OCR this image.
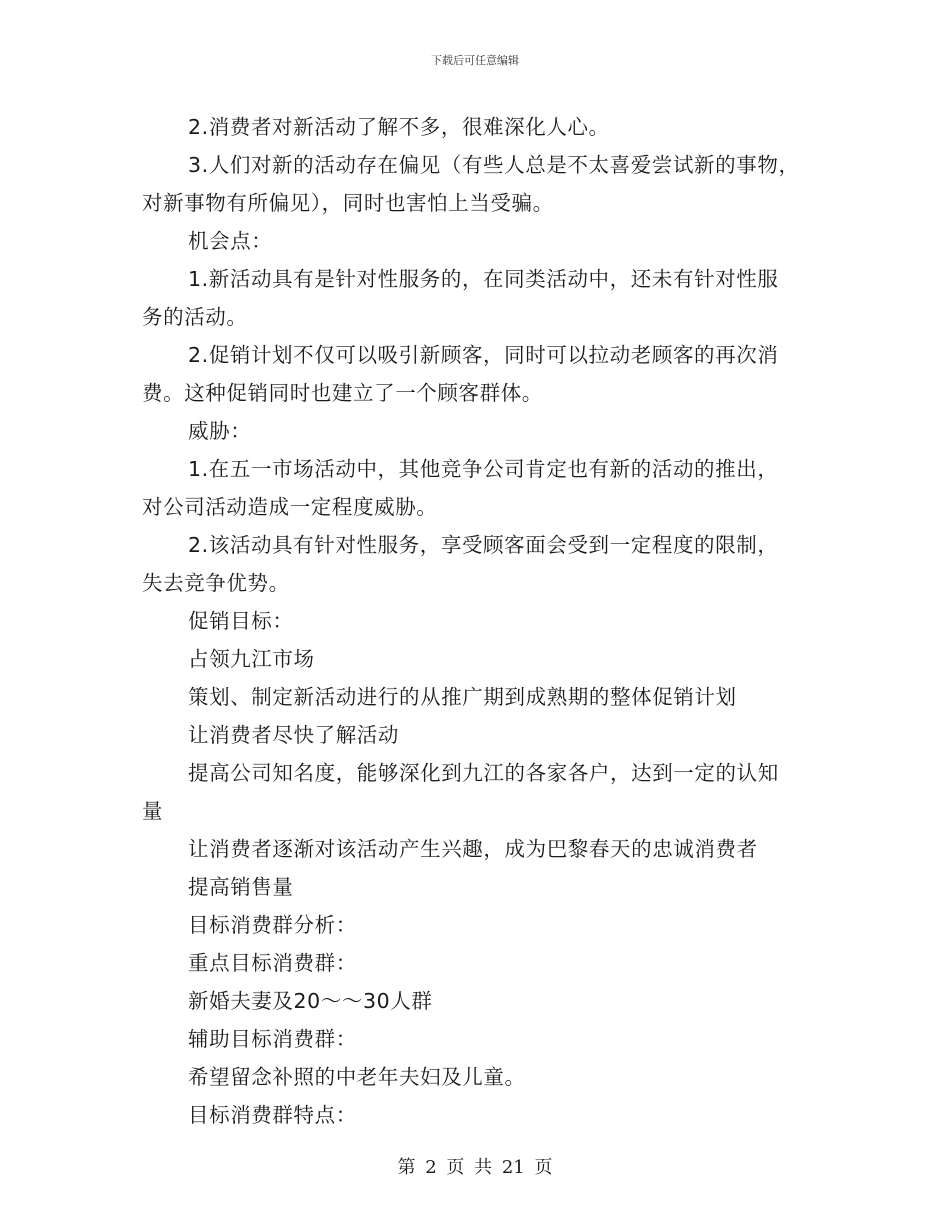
下载后可任意编辑
2.消费者对新活动了解不多，很难深化人心。
3.人们对新的活动存在偏见（有些人总是不太喜爱尝试新的事物，
对新事物有所偏见），同时也害怕上当受骗。
机会点：
1.新活动具有是针对性服务的，在同类活动中，还未有针对性服
务的活动。
2.促销计划不仅可以吸引新顾客，同时可以拉动老顾客的再次消
费。这种促销同时也建立了一个顾客群体。
威胁：
1.在五一市场活动中，其他竞争公司肯定也有新的活动的推出，
对公司活动造成一定程度威胁。
2.该活动具有针对性服务，享受顾客面会受到一定程度的限制，
失去竞争优势。
促销目标：
占领九江市场
策划、制定新活动进行的从推广期到成熟期的整体促销计划
让消费者尽快了解活动
提高公司知名度，能够深化到九江的各家各户，达到一定的认知
量
让消费者逐渐对该活动产生兴趣，成为巴黎春天的忠诚消费者
提高销售量
目标消费群分析：
重点目标消费群：
新婚夫妻及20～～30人群
辅助目标消费群：
希望留念补照的中老年夫妇及儿童。
目标消费群特点：
第 2 页 共 21 页
